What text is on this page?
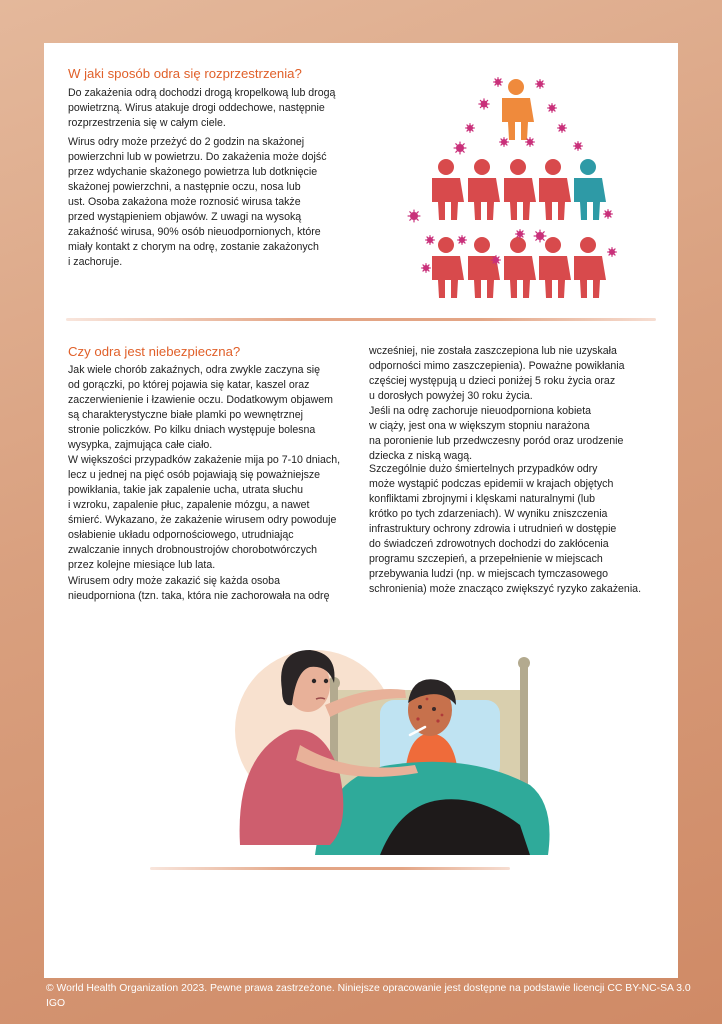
W jaki sposób odra się rozprzestrzenia?

Do zakażenia odrą dochodzi drogą kropelkową lub drogą
powietrzną. Wirus atakuje drogi oddechowe, następnie
rozprzestrzenia się w całym ciele.

Wirus odry może przeżyć do 2 godzin na skażonej
powierzchni lub w powietrzu. Do zakażenia może dojść
przez wdychanie skażonego powietrza lub dotknięcie
skażonej powierzchni, a następnie oczu, nosa lub
ust. Osoba zakażona może roznosić wirusa także
przed wystąpieniem objawów. Z uwagi na wysoką
zakaźność wirusa, 90% osób nieuodpornionych, które
miały kontakt z chorym na odrę, zostanie zakażonych
i zachoruje.

Czy odra jest niebezpieczna?

Jak wiele chorób zakaźnych, odra zwykle zaczyna się
od gorączki, po której pojawia się katar, kaszel oraz
zaczerwienienie i łzawienie oczu. Dodatkowym objawem
są charakterystyczne białe plamki po wewnętrznej
stronie policzków. Po kilku dniach występuje bolesna
wysypka, zajmująca całe ciało.

W większości przypadków zakażenie mija po 7-10 dniach,
lecz u jednej na pięć osób pojawiają się poważniejsze
powikłania, takie jak zapalenie ucha, utrata słuchu
i wzroku, zapalenie płuc, zapalenie mózgu, a nawet
śmierć. Wykazano, że zakażenie wirusem odry powoduje
osłabienie układu odpornościowego, utrudniając
zwalczanie innych drobnoustrojów chorobotwórczych
przez kolejne miesiące lub lata.

Wirusem odry może zakazić się każda osoba
nieudporniona (tzn. taka, która nie zachorowała na odrę

wcześniej, nie została zaszczepiona lub nie uzyskała
odporności mimo zaszczepienia). Poważne powikłania
częściej występują u dzieci poniżej 5 roku życia oraz
u dorosłych powyżej 30 roku życia.
Jeśli na odrę zachoruje nieuodporniona kobieta
w ciąży, jest ona w większym stopniu narażona
na poronienie lub przedwczesny poród oraz urodzenie
dziecka z niską wagą.

Szczególnie dużo śmiertelnych przypadków odry
może wystąpić podczas epidemii w krajach objętych
konfliktami zbrojnymi i klęskami naturalnymi (lub
krótko po tych zdarzeniach). W wyniku zniszczenia
infrastruktury ochrony zdrowia i utrudnień w dostępie
do świadczeń zdrowotnych dochodzi do zakłócenia
programu szczepień, a przepełnienie w miejscach
przebywania ludzi (np. w miejscach tymczasowego
schronienia) może znacząco zwiększyć ryzyko zakażenia.

© World Health Organization 2023. Pewne prawa zastrzeżone. Niniejsze opracowanie jest dostępne na podstawie licencji CC BY-NC-SA 3.0 IGO
